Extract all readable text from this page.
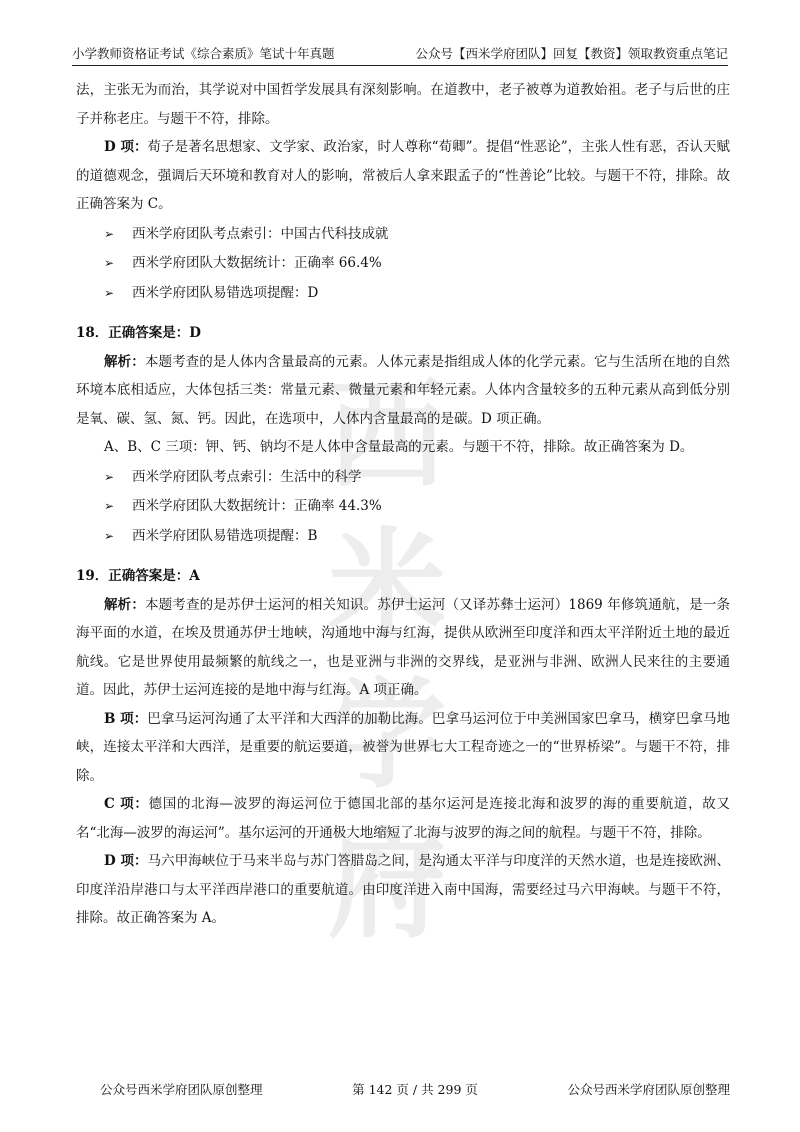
小学教师资格证考试《综合素质》笔试十年真题	公众号【西米学府团队】回复【教资】领取教资重点笔记
西米
学府

法，主张无为而治，其学说对中国哲学发展具有深刻影响。在道教中，老子被尊为道教始祖。老子与后世的庄子并称老庄。与题干不符，排除。

D 项：荀子是著名思想家、文学家、政治家，时人尊称“荀卿”。提倡“性恶论”，主张人性有恶，否认天赋的道德观念，强调后天环境和教育对人的影响，常被后人拿来跟孟子的“性善论”比较。与题干不符，排除。故正确答案为 C。

➢	西米学府团队考点索引：中国古代科技成就
➢	西米学府团队大数据统计：正确率 66.4%
➢	西米学府团队易错选项提醒：D

18．正确答案是：D

解析：本题考查的是人体内含量最高的元素。人体元素是指组成人体的化学元素。它与生活所在地的自然环境本底相适应，大体包括三类：常量元素、微量元素和年轻元素。人体内含量较多的五种元素从高到低分别是氧、碳、氢、氮、钙。因此，在选项中，人体内含量最高的是碳。D 项正确。

A、B、C 三项：钾、钙、钠均不是人体中含量最高的元素。与题干不符，排除。故正确答案为 D。

➢	西米学府团队考点索引：生活中的科学
➢	西米学府团队大数据统计：正确率 44.3%
➢	西米学府团队易错选项提醒：B

19．正确答案是：A

解析：本题考查的是苏伊士运河的相关知识。苏伊士运河（又译苏彝士运河）1869 年修筑通航，是一条海平面的水道，在埃及贯通苏伊士地峡，沟通地中海与红海，提供从欧洲至印度洋和西太平洋附近土地的最近航线。它是世界使用最频繁的航线之一，也是亚洲与非洲的交界线，是亚洲与非洲、欧洲人民来往的主要通道。因此，苏伊士运河连接的是地中海与红海。A 项正确。

B 项：巴拿马运河沟通了太平洋和大西洋的加勒比海。巴拿马运河位于中美洲国家巴拿马，横穿巴拿马地峡，连接太平洋和大西洋，是重要的航运要道，被誉为世界七大工程奇迹之一的“世界桥梁”。与题干不符，排除。

C 项：德国的北海—波罗的海运河位于德国北部的基尔运河是连接北海和波罗的海的重要航道，故又名“北海—波罗的海运河”。基尔运河的开通极大地缩短了北海与波罗的海之间的航程。与题干不符，排除。

D 项：马六甲海峡位于马来半岛与苏门答腊岛之间，是沟通太平洋与印度洋的天然水道，也是连接欧洲、印度洋沿岸港口与太平洋西岸港口的重要航道。由印度洋进入南中国海，需要经过马六甲海峡。与题干不符，排除。故正确答案为 A。

公众号西米学府团队原创整理	第 142 页 / 共 299 页	公众号西米学府团队原创整理
